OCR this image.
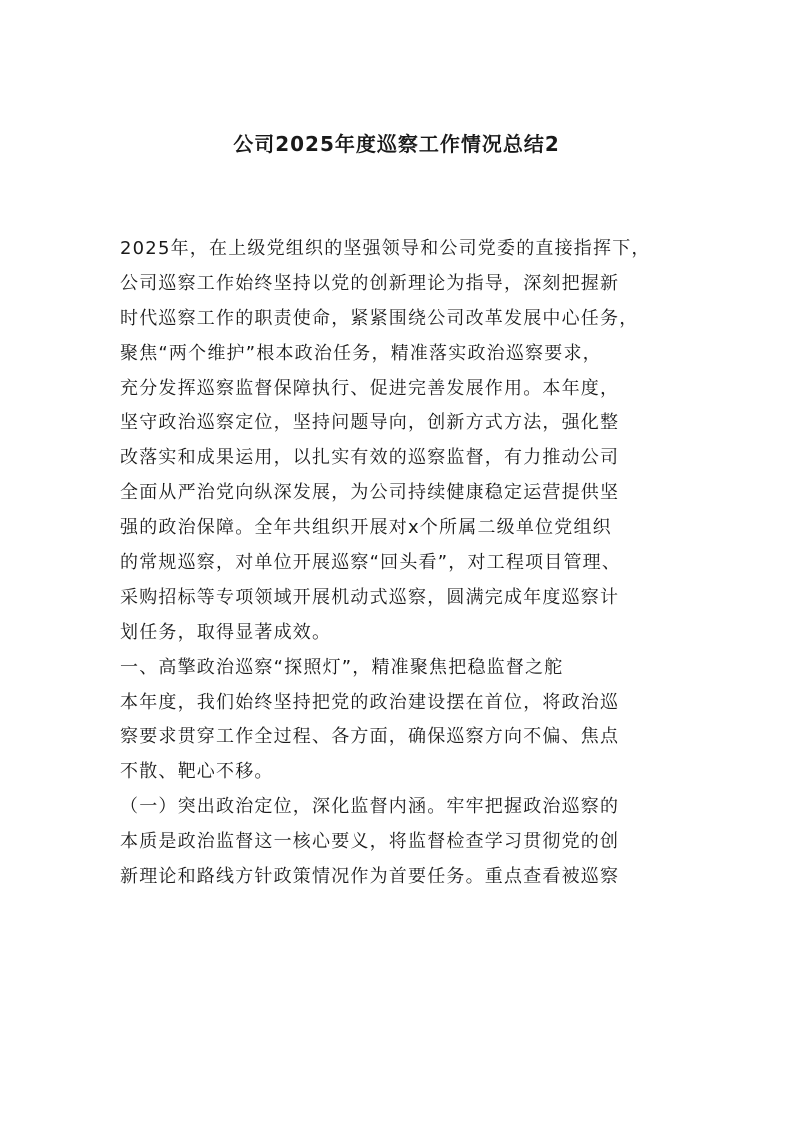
公司2025年度巡察工作情况总结2
2025年，在上级党组织的坚强领导和公司党委的直接指挥下，
公司巡察工作始终坚持以党的创新理论为指导，深刻把握新
时代巡察工作的职责使命，紧紧围绕公司改革发展中心任务，
聚焦“两个维护”根本政治任务，精准落实政治巡察要求，
充分发挥巡察监督保障执行、促进完善发展作用。本年度，
坚守政治巡察定位，坚持问题导向，创新方式方法，强化整
改落实和成果运用，以扎实有效的巡察监督，有力推动公司
全面从严治党向纵深发展，为公司持续健康稳定运营提供坚
强的政治保障。全年共组织开展对x个所属二级单位党组织
的常规巡察，对单位开展巡察“回头看”，对工程项目管理、
采购招标等专项领域开展机动式巡察，圆满完成年度巡察计
划任务，取得显著成效。
一、高擎政治巡察“探照灯”，精准聚焦把稳监督之舵
本年度，我们始终坚持把党的政治建设摆在首位，将政治巡
察要求贯穿工作全过程、各方面，确保巡察方向不偏、焦点
不散、靶心不移。
（一）突出政治定位，深化监督内涵。牢牢把握政治巡察的
本质是政治监督这一核心要义，将监督检查学习贯彻党的创
新理论和路线方针政策情况作为首要任务。重点查看被巡察
